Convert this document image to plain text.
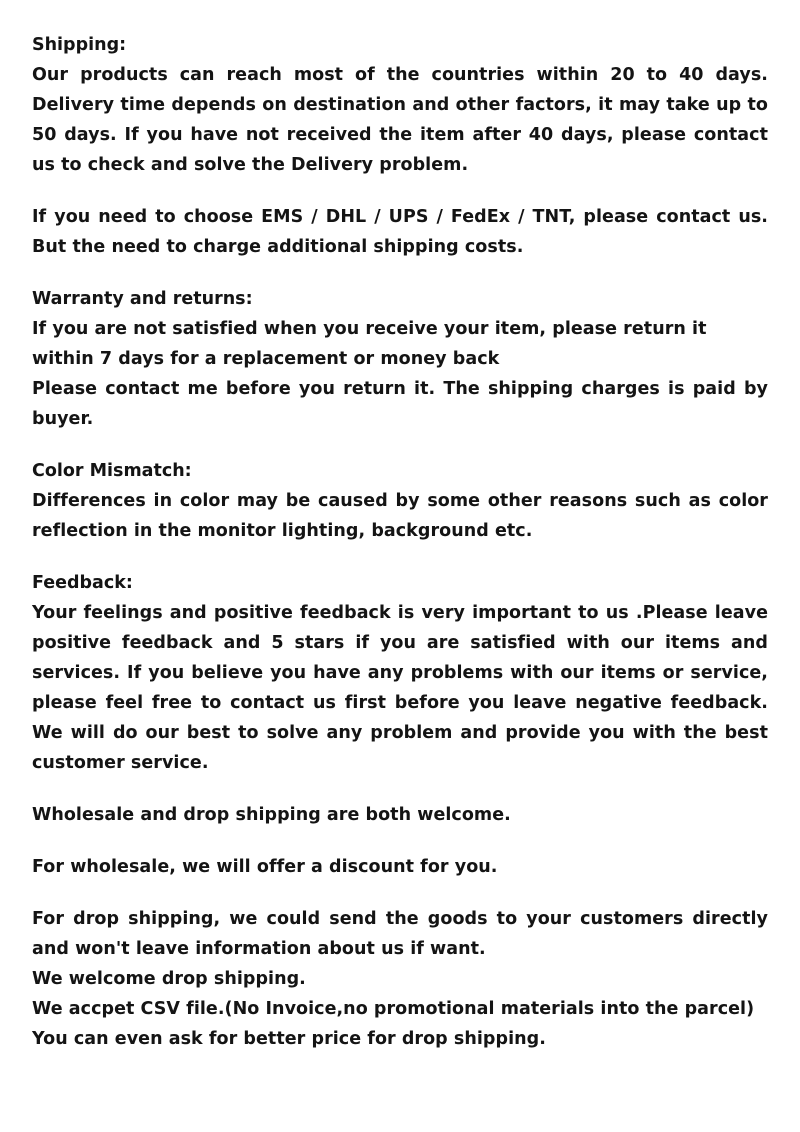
Shipping:

Our products can reach most of the countries within 20 to 40 days. Delivery time depends on destination and other factors, it may take up to 50 days. If you have not received the item after 40 days, please contact us to check and solve the Delivery problem.

If you need to choose EMS / DHL / UPS / FedEx / TNT, please contact us. But the need to charge additional shipping costs.

Warranty and returns:

If you are not satisfied when you receive your item, please return it within 7 days for a replacement or money back

Please contact me before you return it. The shipping charges is paid by buyer.

Color Mismatch:

Differences in color may be caused by some other reasons such as color reflection in the monitor lighting, background etc.

Feedback:

Your feelings and positive feedback is very important to us .Please leave positive feedback and 5 stars if you are satisfied with our items and services. If you believe you have any problems with our items or service, please feel free to contact us first before you leave negative feedback. We will do our best to solve any problem and provide you with the best customer service.

Wholesale and drop shipping are both welcome.

For wholesale, we will offer a discount for you.

For drop shipping, we could send the goods to your customers directly and won't leave information about us if want.

We welcome drop shipping.

We accpet CSV file.(No Invoice,no promotional materials into the parcel)

You can even ask for better price for drop shipping.
